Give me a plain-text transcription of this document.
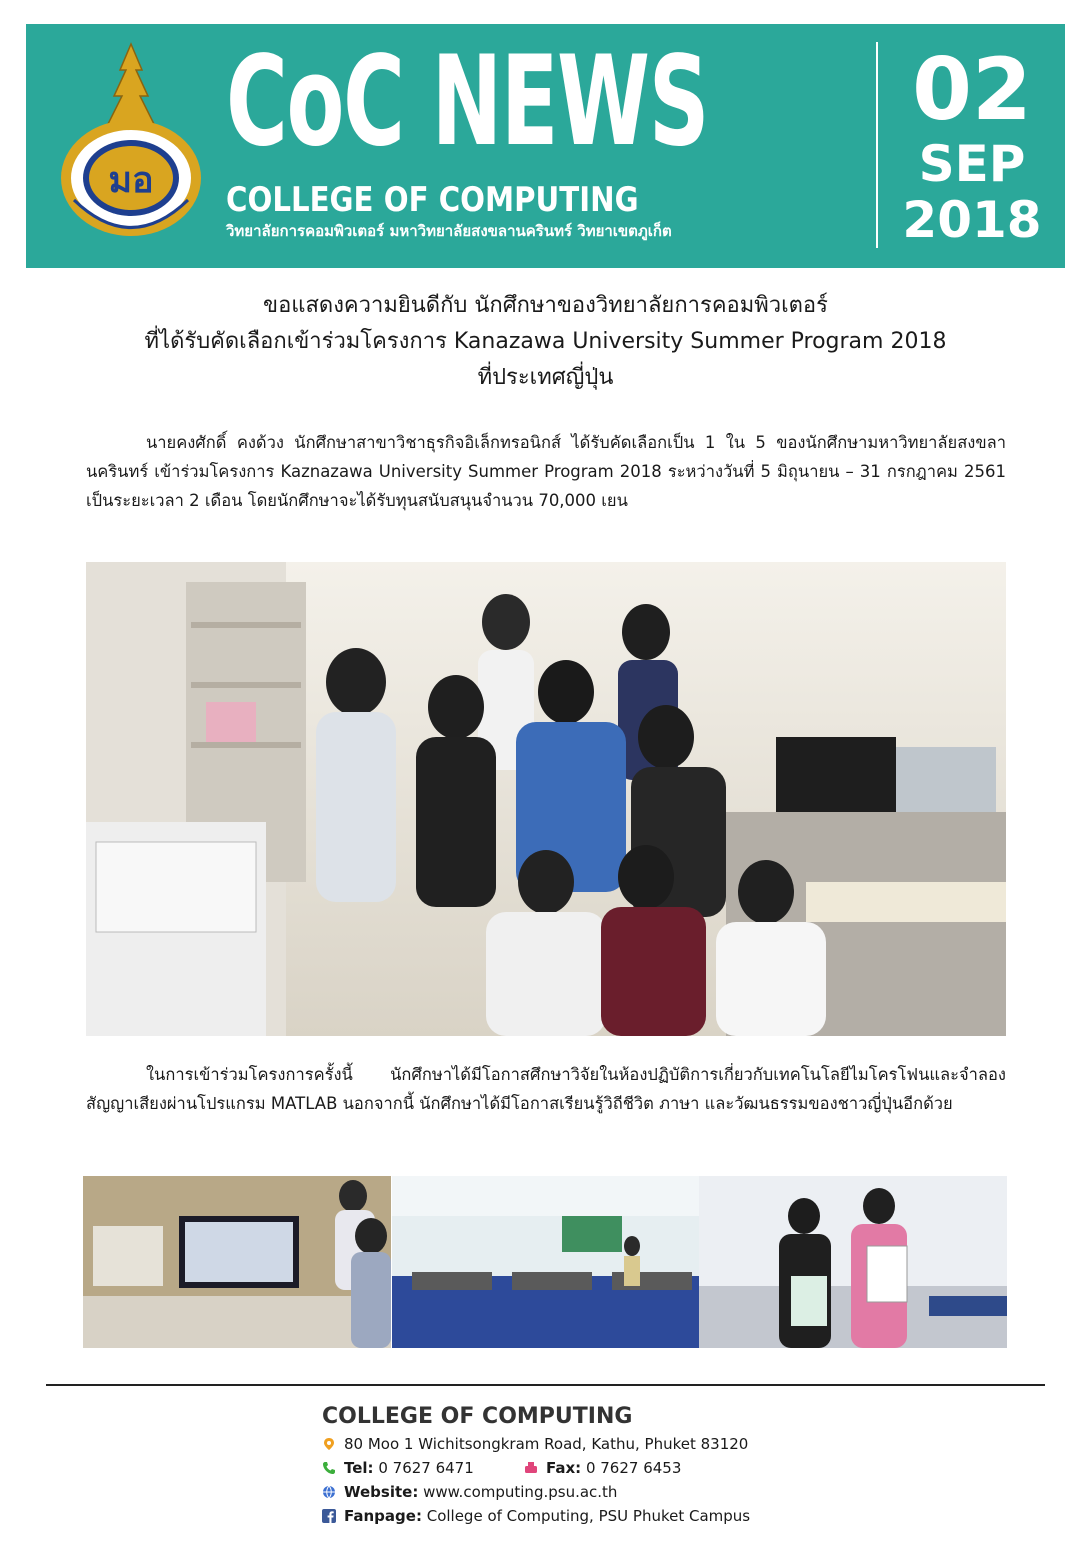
มอ
CoC NEWS
COLLEGE OF COMPUTING
วิทยาลัยการคอมพิวเตอร์ มหาวิทยาลัยสงขลานครินทร์ วิทยาเขตภูเก็ต
02
SEP
2018
ขอแสดงความยินดีกับ นักศึกษาของวิทยาลัยการคอมพิวเตอร์
ที่ได้รับคัดเลือกเข้าร่วมโครงการ Kanazawa University Summer Program 2018
ที่ประเทศญี่ปุ่น
นายคงศักดิ์ คงด้วง นักศึกษาสาขาวิชาธุรกิจอิเล็กทรอนิกส์ ได้รับคัดเลือกเป็น 1 ใน 5 ของนักศึกษามหาวิทยาลัยสงขลานครินทร์ เข้าร่วมโครงการ Kaznazawa University Summer Program 2018 ระหว่างวันที่ 5 มิถุนายน – 31 กรกฎาคม 2561 เป็นระยะเวลา 2 เดือน โดยนักศึกษาจะได้รับทุนสนับสนุนจำนวน 70,000 เยน
ในการเข้าร่วมโครงการครั้งนี้ นักศึกษาได้มีโอกาสศึกษาวิจัยในห้องปฏิบัติการเกี่ยวกับเทคโนโลยีไมโครโฟนและจำลองสัญญาเสียงผ่านโปรแกรม MATLAB นอกจากนี้ นักศึกษาได้มีโอกาสเรียนรู้วิถีชีวิต ภาษา และวัฒนธรรมของชาวญี่ปุ่นอีกด้วย
COLLEGE OF COMPUTING
80 Moo 1 Wichitsongkram Road, Kathu, Phuket 83120
Tel: 0 7627 6471	Fax: 0 7627 6453
Website: www.computing.psu.ac.th
Fanpage: College of Computing, PSU Phuket Campus
